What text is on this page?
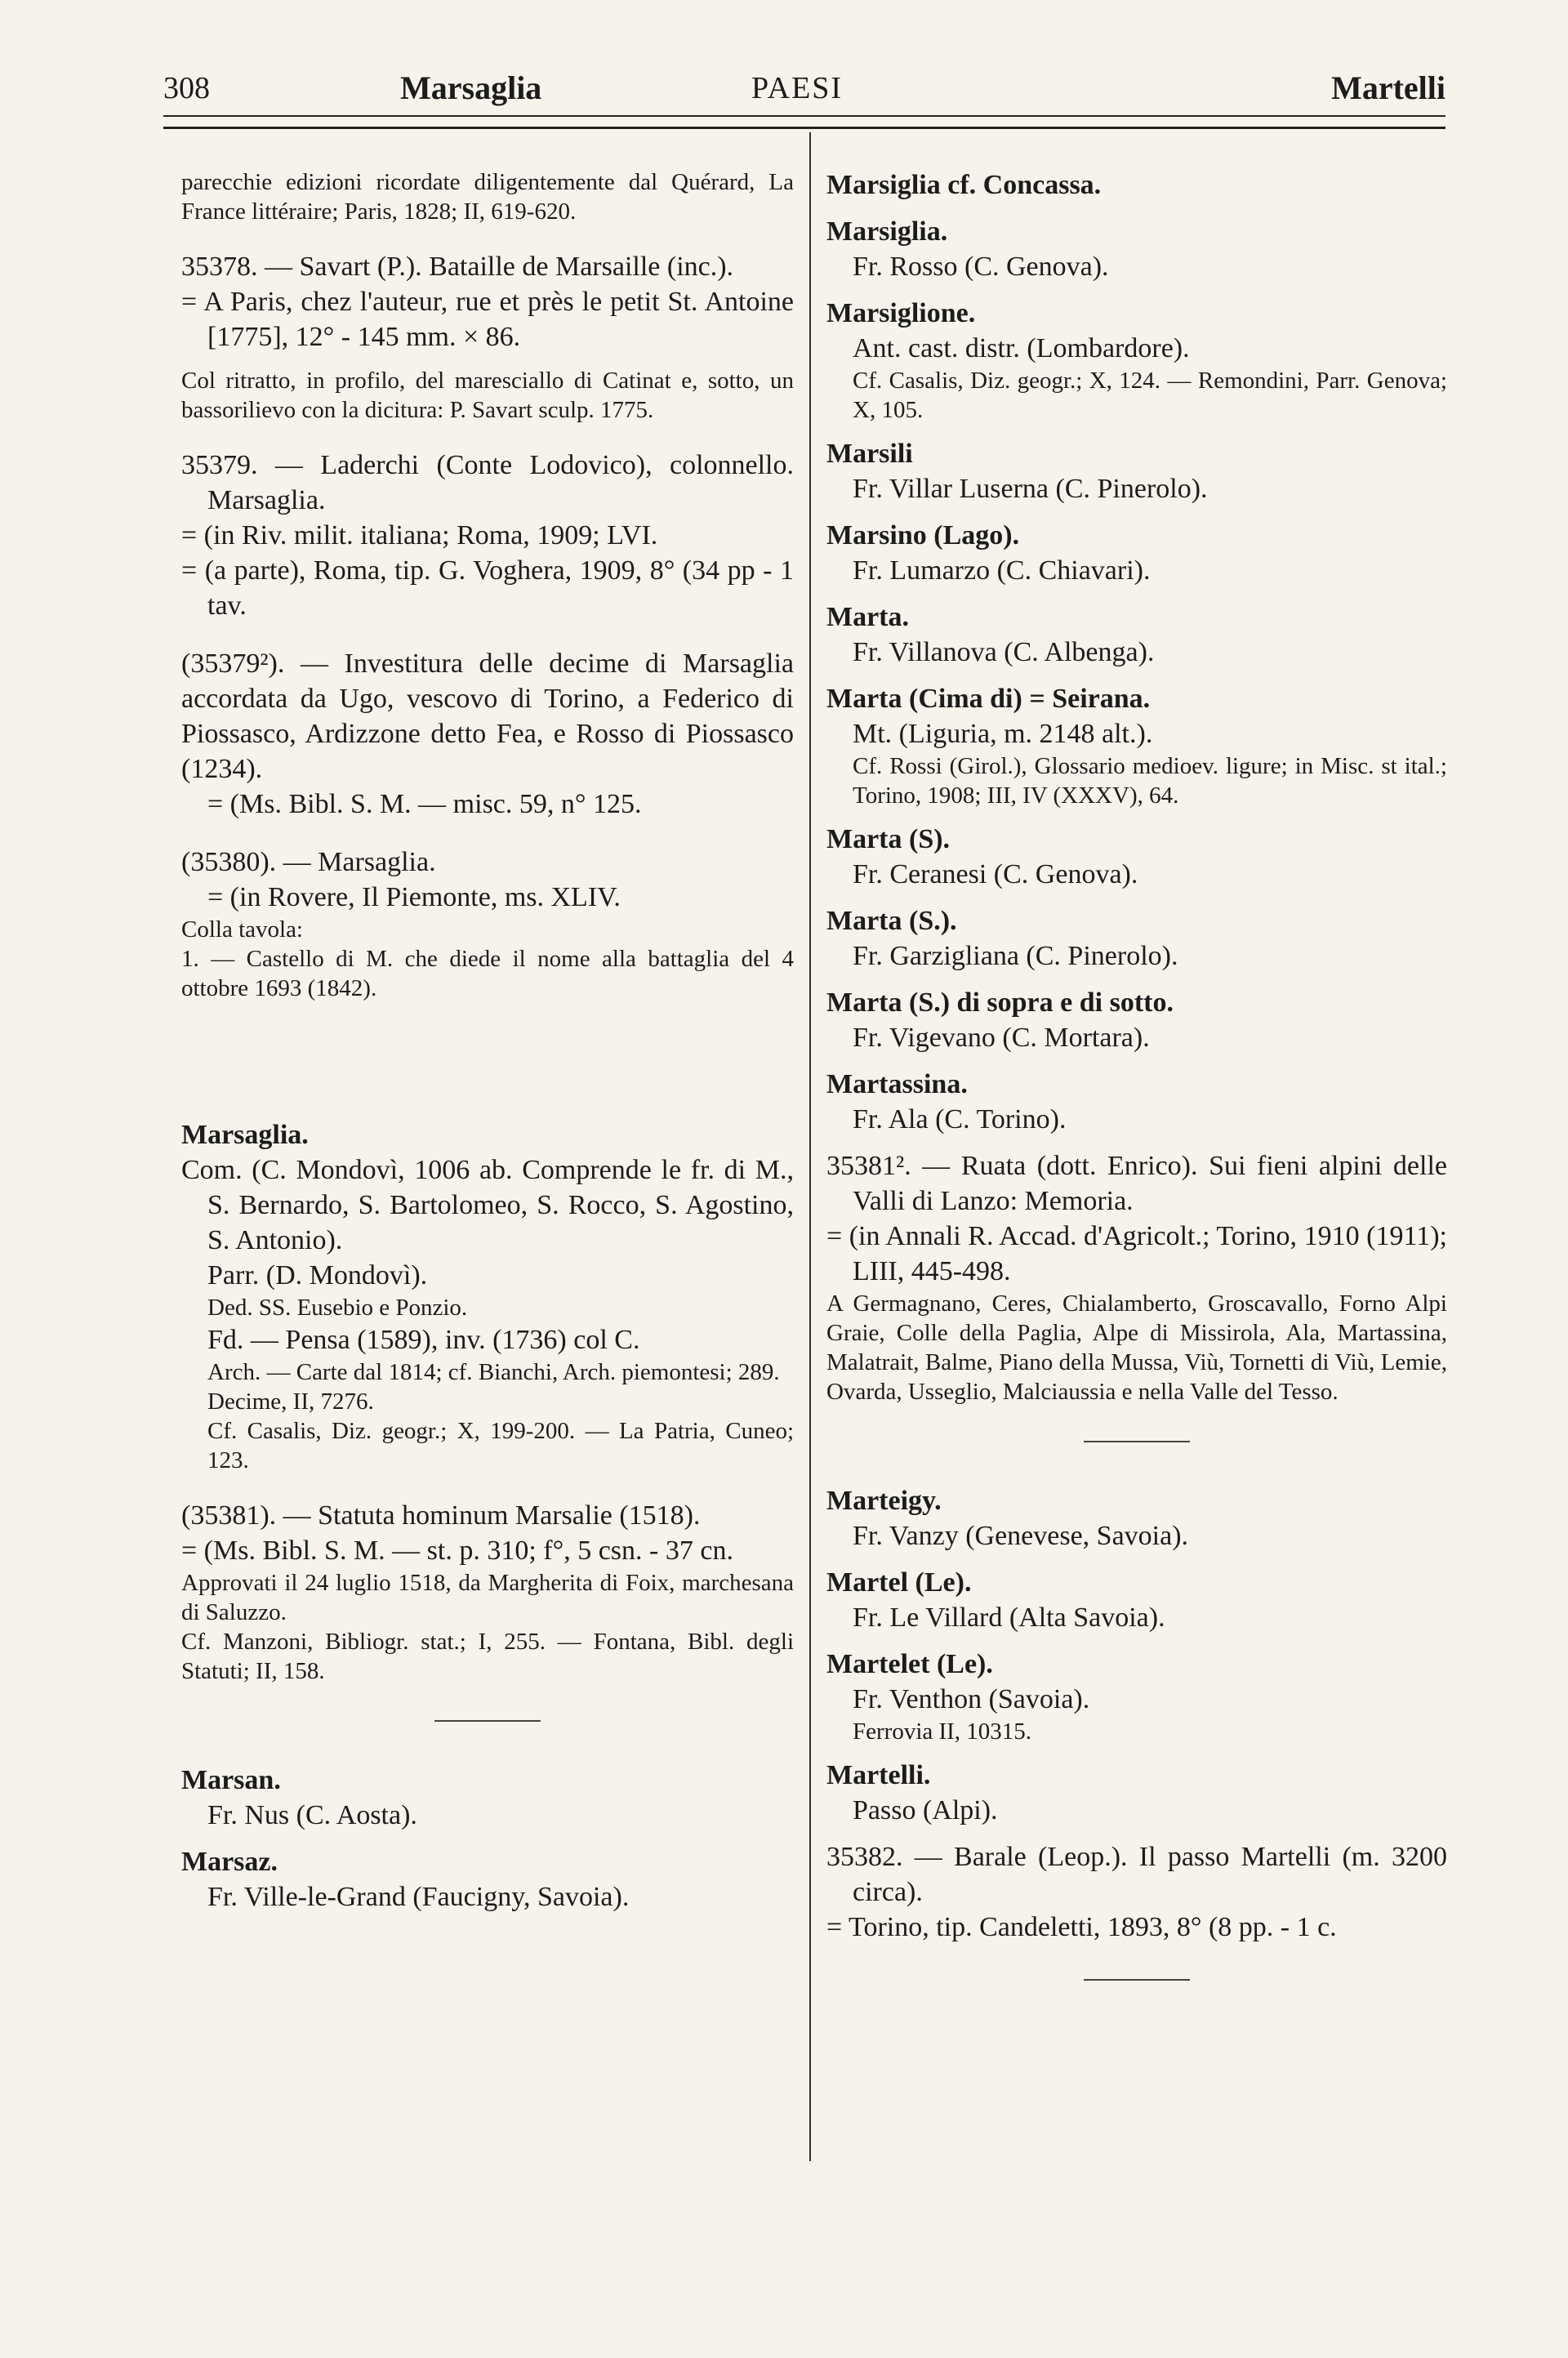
308	Marsaglia	PAESI	Martelli

parecchie edizioni ricordate diligentemente dal Quérard, La France littéraire; Paris, 1828; II, 619-620.

35378. — Savart (P.). Bataille de Marsaille (inc.).

= A Paris, chez l'auteur, rue et près le petit St. Antoine [1775], 12° - 145 mm. × 86.

Col ritratto, in profilo, del maresciallo di Catinat e, sotto, un bassorilievo con la dicitura: P. Savart sculp. 1775.

35379. — Laderchi (Conte Lodovico), colonnello. Marsaglia.

= (in Riv. milit. italiana; Roma, 1909; LVI.

= (a parte), Roma, tip. G. Voghera, 1909, 8° (34 pp - 1 tav.

(35379²). — Investitura delle decime di Marsaglia accordata da Ugo, vescovo di Torino, a Federico di Piossasco, Ardizzone detto Fea, e Rosso di Piossasco (1234).

= (Ms. Bibl. S. M. — misc. 59, n° 125.

(35380). — Marsaglia.

= (in Rovere, Il Piemonte, ms. XLIV.

Colla tavola:

1. — Castello di M. che diede il nome alla battaglia del 4 ottobre 1693 (1842).

Marsaglia.

Com. (C. Mondovì, 1006 ab. Comprende le fr. di M., S. Bernardo, S. Bartolomeo, S. Rocco, S. Agostino, S. Antonio).

Parr. (D. Mondovì).

Ded. SS. Eusebio e Ponzio.

Fd. — Pensa (1589), inv. (1736) col C.

Arch. — Carte dal 1814; cf. Bianchi, Arch. piemontesi; 289.

Decime, II, 7276.

Cf. Casalis, Diz. geogr.; X, 199-200. — La Patria, Cuneo; 123.

(35381). — Statuta hominum Marsalie (1518).

= (Ms. Bibl. S. M. — st. p. 310; f°, 5 csn. - 37 cn.

Approvati il 24 luglio 1518, da Margherita di Foix, marchesana di Saluzzo.

Cf. Manzoni, Bibliogr. stat.; I, 255. — Fontana, Bibl. degli Statuti; II, 158.

Marsan.

Fr. Nus (C. Aosta).

Marsaz.

Fr. Ville-le-Grand (Faucigny, Savoia).

Marsiglia cf. Concassa.

Marsiglia.

Fr. Rosso (C. Genova).

Marsiglione.

Ant. cast. distr. (Lombardore).

Cf. Casalis, Diz. geogr.; X, 124. — Remondini, Parr. Genova; X, 105.

Marsili

Fr. Villar Luserna (C. Pinerolo).

Marsino (Lago).

Fr. Lumarzo (C. Chiavari).

Marta.

Fr. Villanova (C. Albenga).

Marta (Cima di) = Seirana.

Mt. (Liguria, m. 2148 alt.).

Cf. Rossi (Girol.), Glossario medioev. ligure; in Misc. st ital.; Torino, 1908; III, IV (XXXV), 64.

Marta (S).

Fr. Ceranesi (C. Genova).

Marta (S.).

Fr. Garzigliana (C. Pinerolo).

Marta (S.) di sopra e di sotto.

Fr. Vigevano (C. Mortara).

Martassina.

Fr. Ala (C. Torino).

35381². — Ruata (dott. Enrico). Sui fieni alpini delle Valli di Lanzo: Memoria.

= (in Annali R. Accad. d'Agricolt.; Torino, 1910 (1911); LIII, 445-498.

A Germagnano, Ceres, Chialamberto, Groscavallo, Forno Alpi Graie, Colle della Paglia, Alpe di Missirola, Ala, Martassina, Malatrait, Balme, Piano della Mussa, Viù, Tornetti di Viù, Lemie, Ovarda, Usseglio, Malciaussia e nella Valle del Tesso.

Marteigy.

Fr. Vanzy (Genevese, Savoia).

Martel (Le).

Fr. Le Villard (Alta Savoia).

Martelet (Le).

Fr. Venthon (Savoia).

Ferrovia II, 10315.

Martelli.

Passo (Alpi).

35382. — Barale (Leop.). Il passo Martelli (m. 3200 circa).

= Torino, tip. Candeletti, 1893, 8° (8 pp. - 1 c.
